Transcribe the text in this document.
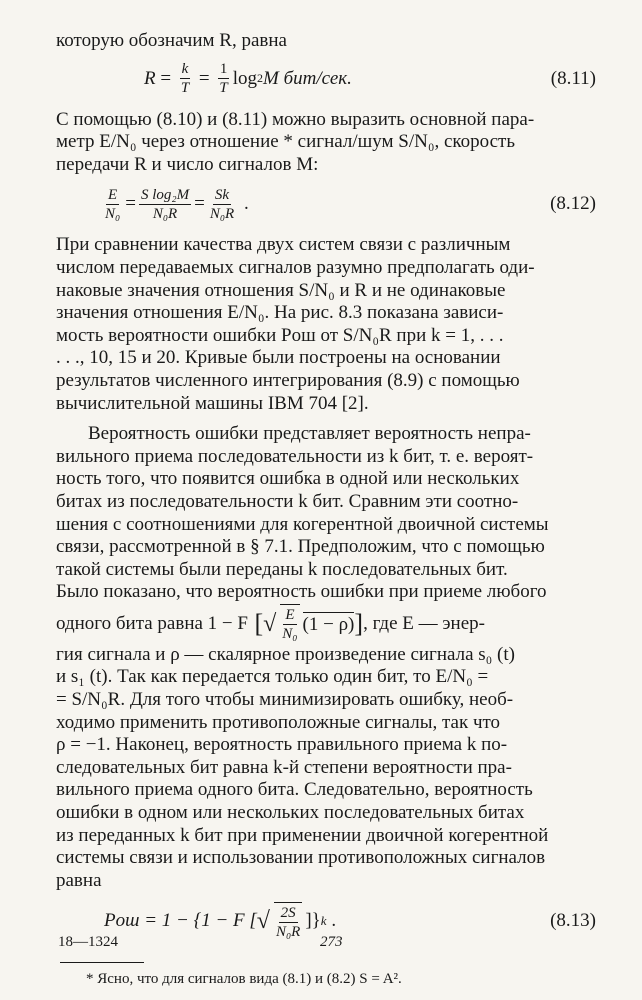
которую обозначим R, равна

$R = \frac{k}{T} = \frac{1}{T}$ log 2 M
бит/сек.	(8.11)

С помощью (8.10) и (8.11) можно выразить основной пара-
метр E/N₀ через отношение * сигнал/шум S/N₀, скорость
передачи R и число сигналов M:

$\frac{E}{\text{N₀}} = \frac{\text{S log₂M}}{\text{N₀R}} = \frac{Sk}{\text{N₀R}}$ .	(8.12)

При сравнении качества двух систем связи с различным
числом передаваемых сигналов разумно предполагать оди-
наковые значения отношения S/N₀ и R и не одинаковые
значения отношения E/N₀. На рис. 8.3 показана зависи-
мость вероятности ошибки Pош от S/N₀R при k = 1, . . .
. . ., 10, 15 и 20. Кривые были построены на основании
результатов численного интегрирования (8.9) с помощью
вычислительной машины IBM 704 [2].

Вероятность ошибки представляет вероятность непра-
вильного приема последовательности из k бит, т. е. вероят-
ность того, что появится ошибка в одной или нескольких
битах из последовательности k бит. Сравним эти соотно-
шения с соотношениями для когерентной двоичной системы
связи, рассмотренной в § 7.1. Предположим, что с помощью
такой системы были переданы k последовательных бит.
Было показано, что вероятность ошибки при приеме любого
одного бита равна 1 − F [ √ $\frac{E}{\text{N₀}} (1 - \rho)$ ] , где E — энер-
гия сигнала и ρ — скалярное произведение сигнала s₀ (t)
и s₁ (t). Так как передается только один бит, то E/N₀ =
= S/N₀R. Для того чтобы минимизировать ошибку, необ-
ходимо применить противоположные сигналы, так что
ρ = −1. Наконец, вероятность правильного приема k по-
следовательных бит равна k-й степени вероятности пра-
вильного приема одного бита. Следовательно, вероятность
ошибки в одном или нескольких последовательных битах
из переданных k бит при применении двоичной когерентной
системы связи и использовании противоположных сигналов
равна

Pош = 1 − {1 − F [ √ $\frac{2S}{\text{N₀R}}$ ]} k .	(8.13)
* Ясно, что для сигналов вида (8.1) и (8.2) S = A².
18—1324	273
